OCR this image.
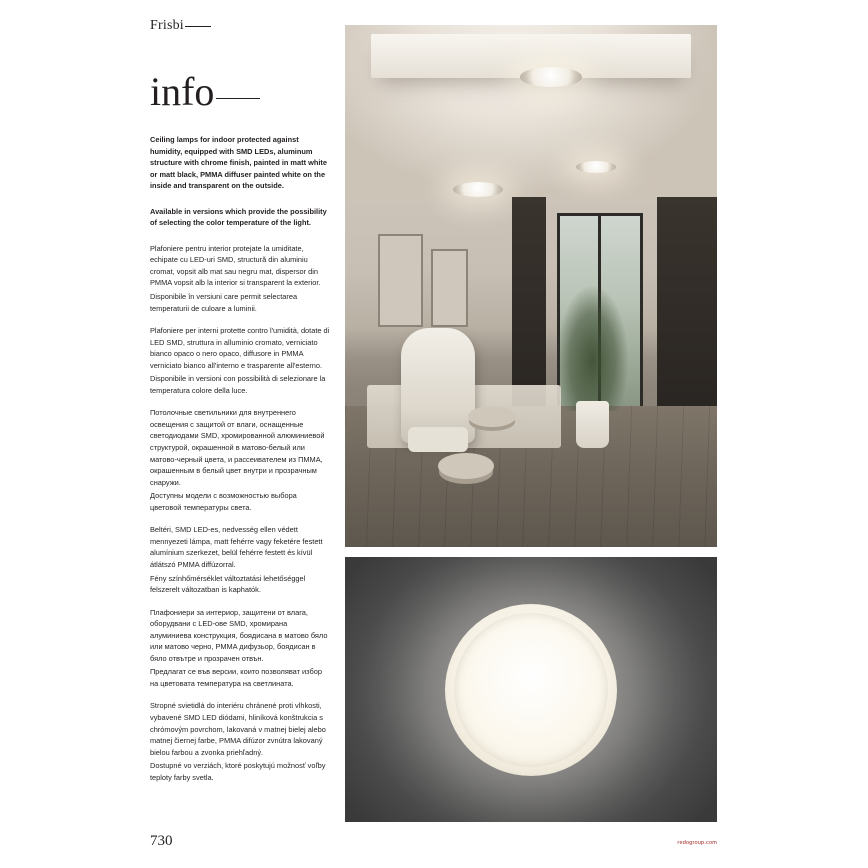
Frisbi
info

Ceiling lamps for indoor protected against humidity, equipped with SMD LEDs, aluminum structure with chrome finish, painted in matt white or matt black, PMMA diffuser painted white on the inside and transparent on the outside.

Available in versions which provide the possibility of selecting the color temperature of the light.

Plafoniere pentru interior protejate la umiditate, echipate cu LED-uri SMD, structură din aluminiu cromat, vopsit alb mat sau negru mat, dispersor din PMMA vopsit alb la interior si transparent la exterior.

Disponibile în versiuni care permit selectarea temperaturii de culoare a luminii.

Plafoniere per interni protette contro l'umidità, dotate di LED SMD, struttura in alluminio cromato, verniciato bianco opaco o nero opaco, diffusore in PMMA verniciato bianco all'interno e trasparente all'esterno.

Disponibile in versioni con possibilità di selezionare la temperatura colore della luce.

Потолочные светильники для внутреннего освещения с защитой от влаги, оснащенные светодиодами SMD, хромированной алюминиевой структурой, окрашенной в матово-белый или матово-черный цвета, и рассеивателем из ПММА, окрашенным в белый цвет внутри и прозрачным снаружи.

Доступны модели с возможностью выбора цветовой температуры света.

Beltéri, SMD LED-es, nedvesség ellen védett mennyezeti lámpa, matt fehérre vagy feketére festett alumínium szerkezet, belül fehérre festett és kívül átlátszó PMMA diffúzorral.

Fény színhőmérséklet változtatási lehetőséggel felszerelt változatban is kaphatók.

Плафониери за интериор, защитени от влага, оборудвани с LED-ове SMD, хромирана алуминиева конструкция, боядисана в матово бяло или матово черно, PMMA дифузьор, боядисан в бяло отвътре и прозрачен отвън.

Предлагат се във версии, които позволяват избор на цветовата температура на светлината.

Stropné svietidlá do interiéru chránené proti vlhkosti, vybavené SMD LED diódami, hliníková konštrukcia s chrómovým povrchom, lakovaná v matnej bielej alebo matnej čiernej farbe, PMMA difúzor zvnútra lakovaný bielou farbou a zvonka priehľadný.

Dostupné vo verziách, ktoré poskytujú možnosť voľby teploty farby svetla.

730	redogroup.com
